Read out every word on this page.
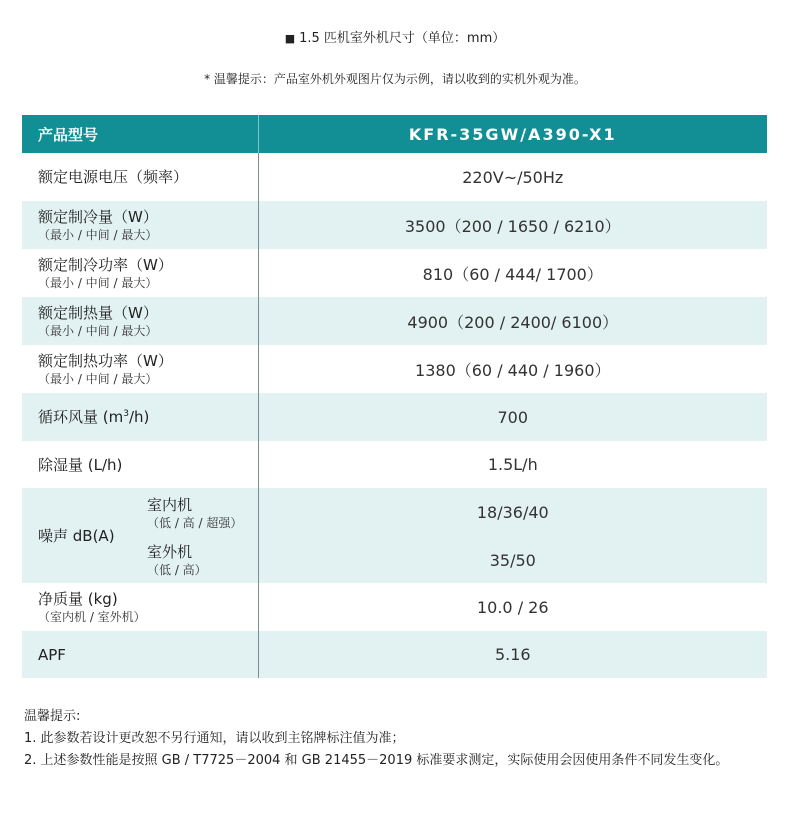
■ 1.5 匹机室外机尺寸（单位：mm）
* 温馨提示：产品室外机外观图片仅为示例，请以收到的实机外观为准。
产品型号		KFR-35GW/A390-X1

额定电源电压（频率）		220V~/50Hz

额定制冷量（W）
（最小 / 中间 / 最大）		3500（200 / 1650 / 6210）

额定制冷功率（W）
（最小 / 中间 / 最大）		810（60 / 444/ 1700）

额定制热量（W）
（最小 / 中间 / 最大）		4900（200 / 2400/ 6100）

额定制热功率（W）
（最小 / 中间 / 最大）		1380（60 / 440 / 1960）

循环风量 $(m^3/h)$		700

除湿量 (L/h)		1.5L/h

噪声 dB(A)	室内机
（低 / 高 / 超强）	18/36/40

	室外机
（低 / 高）	35/50

净质量 (kg)
（室内机 / 室外机）		10.0 / 26

APF		5.16
温馨提示:
1. 此参数若设计更改恕不另行通知，请以收到主铭牌标注值为准；
2. 上述参数性能是按照 GB / T7725－2004 和 GB 21455－2019 标准要求测定，实际使用会因使用条件不同发生变化。
